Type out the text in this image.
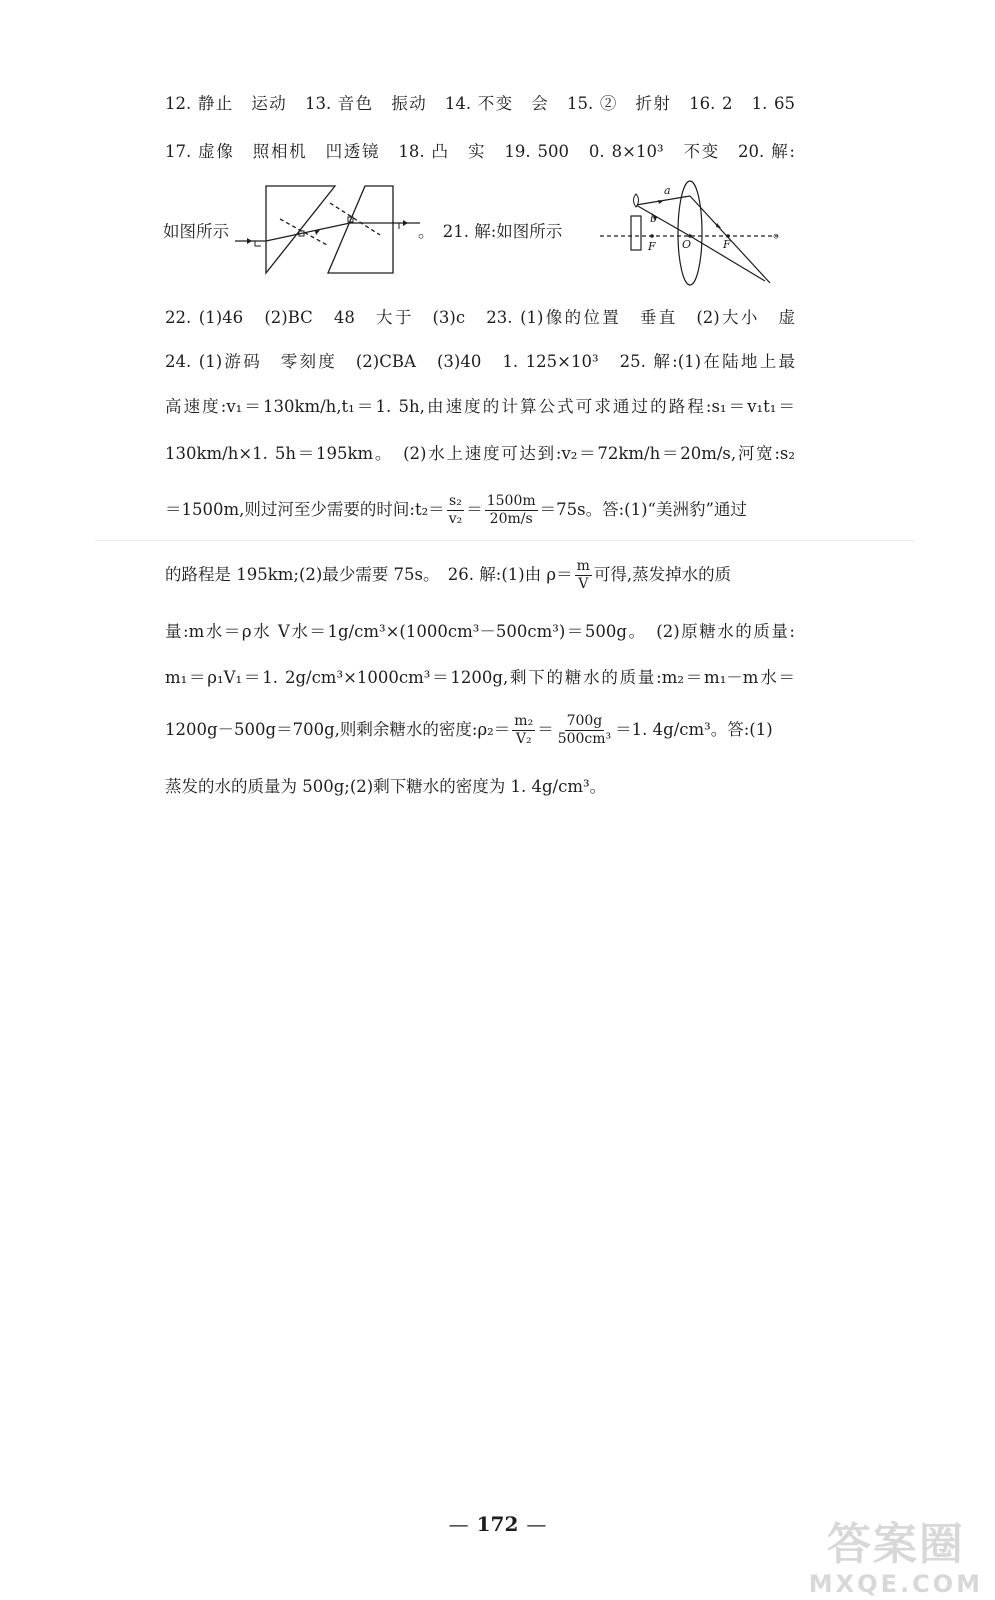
12. 静止　运动　13. 音色　振动　14. 不变　会　15. ②　折射　16. 2　1. 65
17. 虚像　照相机　凹透镜　18. 凸　实　19. 500　0. 8×10³　不变　20. 解:
如图所示	。　21. 解:如图所示	。
a
b
F O	F
22. (1)46　(2)BC　48　大于　(3)c　23. (1)像的位置　垂直　(2)大小　虚
24. (1)游码　零刻度　(2)CBA　(3)40　1. 125×10³　25. 解:(1)在陆地上最
高速度:v₁＝130km/h,t₁＝1. 5h,由速度的计算公式可求通过的路程:s₁＝v₁t₁＝
130km/h×1. 5h＝195km。　(2)水上速度可达到:v₂＝72km/h＝20m/s,河宽:s₂
＝1500m,则过河至少需要的时间:t₂＝ $\frac{\text{s₂}}{\text{v₂}} = \frac{1500m}{20m/s} =75s$。答:(1)“美洲豹”通过
的路程是 195km;(2)最少需要 75s。　26. 解:(1)由 $\rho= \frac{m}{V}$ 可得,蒸发掉水的质
量:m水＝ρ水 V水＝1g/cm³×(1000cm³－500cm³)＝500g。　(2)原糖水的质量:
m₁＝ρ₁V₁＝1. 2g/cm³×1000cm³＝1200g,剩下的糖水的质量:m₂＝m₁－m水＝
1200g－500g＝700g,则剩余糖水的密度:ρ₂＝ $\frac{\text{m₂}}{\text{V₂}} = \frac{700g}{\text{500cm³}} =1$. 4g/cm³。答:(1)
蒸发的水的质量为 500g;(2)剩下糖水的密度为 1. 4g/cm³。
— 172 —	答案圈
MXQE.COM
